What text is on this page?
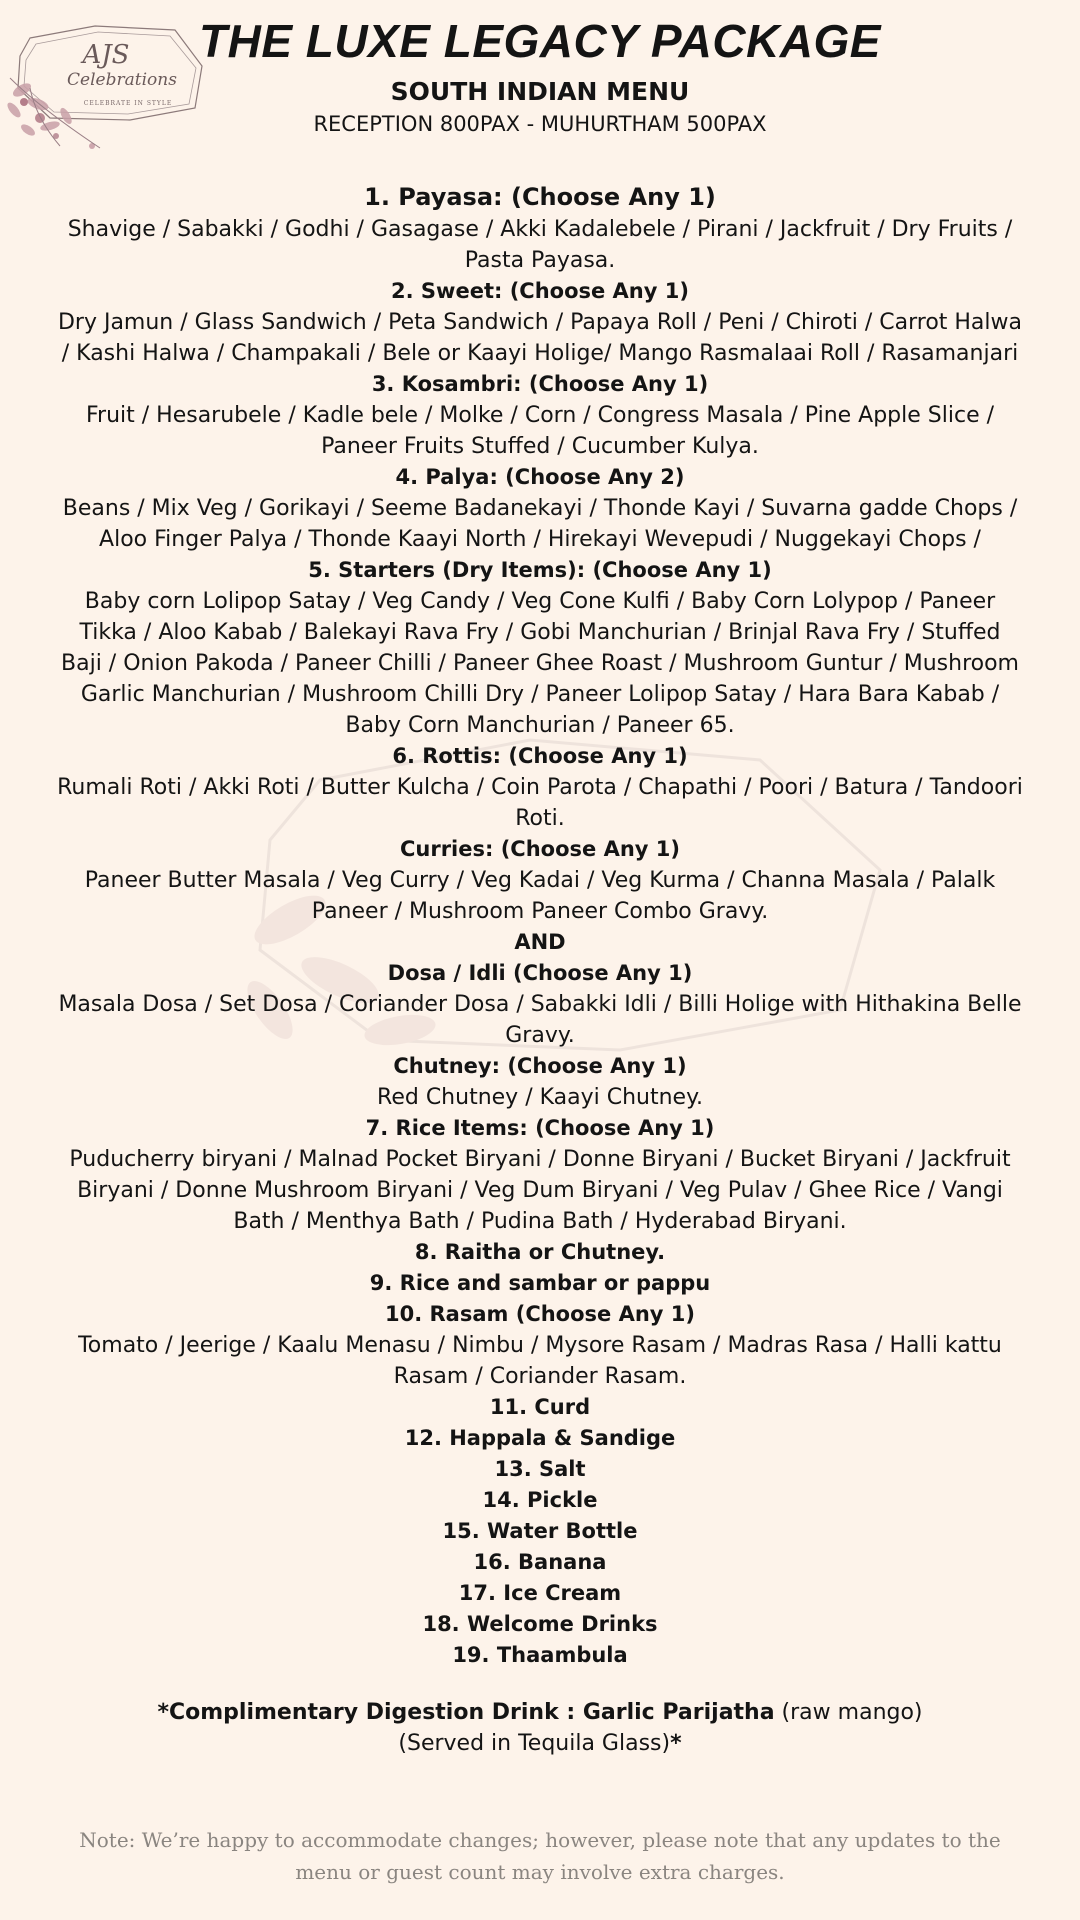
AJS
Celebrations
CELEBRATE IN STYLE
THE LUXE LEGACY PACKAGE
SOUTH INDIAN MENU
RECEPTION 800PAX - MUHURTHAM 500PAX
1. Payasa: (Choose Any 1)
Shavige / Sabakki / Godhi / Gasagase / Akki Kadalebele / Pirani / Jackfruit / Dry Fruits / Pasta Payasa.
2. Sweet: (Choose Any 1)
Dry Jamun / Glass Sandwich / Peta Sandwich / Papaya Roll / Peni / Chiroti / Carrot Halwa / Kashi Halwa / Champakali / Bele or Kaayi Holige/ Mango Rasmalaai Roll / Rasamanjari
3. Kosambri: (Choose Any 1)
Fruit / Hesarubele / Kadle bele / Molke / Corn / Congress Masala / Pine Apple Slice / Paneer Fruits Stuffed / Cucumber Kulya.
4. Palya: (Choose Any 2)
Beans / Mix Veg / Gorikayi / Seeme Badanekayi / Thonde Kayi / Suvarna gadde Chops / Aloo Finger Palya / Thonde Kaayi North / Hirekayi Wevepudi / Nuggekayi Chops /
5. Starters (Dry Items): (Choose Any 1)
Baby corn Lolipop Satay / Veg Candy / Veg Cone Kulfi / Baby Corn Lolypop / Paneer Tikka / Aloo Kabab / Balekayi Rava Fry / Gobi Manchurian / Brinjal Rava Fry / Stuffed Baji / Onion Pakoda / Paneer Chilli / Paneer Ghee Roast / Mushroom Guntur / Mushroom Garlic Manchurian / Mushroom Chilli Dry / Paneer Lolipop Satay / Hara Bara Kabab / Baby Corn Manchurian / Paneer 65.
6. Rottis: (Choose Any 1)
Rumali Roti / Akki Roti / Butter Kulcha / Coin Parota / Chapathi / Poori / Batura / Tandoori Roti.
Curries: (Choose Any 1)
Paneer Butter Masala / Veg Curry / Veg Kadai / Veg Kurma / Channa Masala / Palalk Paneer / Mushroom Paneer Combo Gravy.
AND
Dosa / Idli (Choose Any 1)
Masala Dosa / Set Dosa / Coriander Dosa / Sabakki Idli / Billi Holige with Hithakina Belle Gravy.
Chutney: (Choose Any 1)
Red Chutney / Kaayi Chutney.
7. Rice Items: (Choose Any 1)
Puducherry biryani / Malnad Pocket Biryani / Donne Biryani / Bucket Biryani / Jackfruit Biryani / Donne Mushroom Biryani / Veg Dum Biryani / Veg Pulav / Ghee Rice / Vangi Bath / Menthya Bath / Pudina Bath / Hyderabad Biryani.
8. Raitha or Chutney.
9. Rice and sambar or pappu
10. Rasam (Choose Any 1)
Tomato / Jeerige / Kaalu Menasu / Nimbu / Mysore Rasam / Madras Rasa / Halli kattu Rasam / Coriander Rasam.
11. Curd
12. Happala & Sandige
13. Salt
14. Pickle
15. Water Bottle
16. Banana
17. Ice Cream
18. Welcome Drinks
19. Thaambula
*Complimentary Digestion Drink : Garlic Parijatha (raw mango)
(Served in Tequila Glass)*
Note: We’re happy to accommodate changes; however, please note that any updates to the menu or guest count may involve extra charges.
